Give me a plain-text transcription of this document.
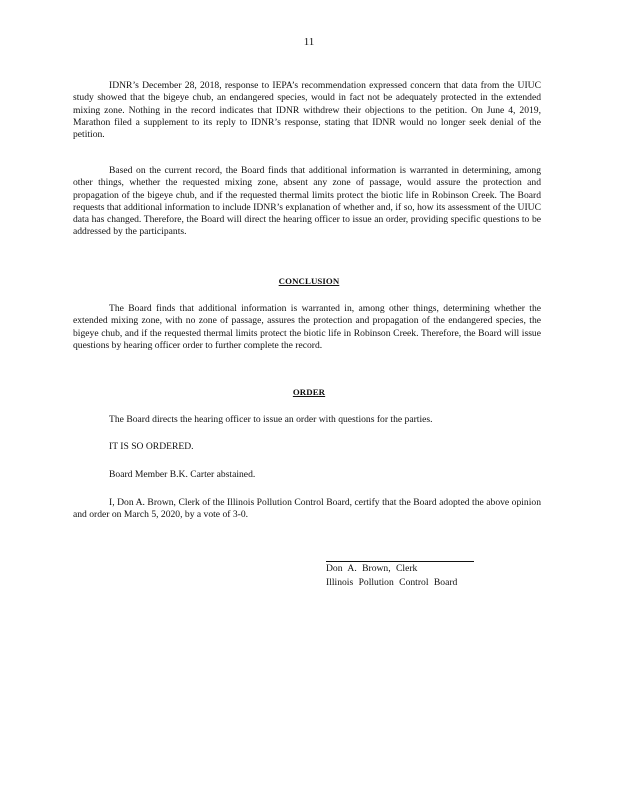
11

IDNR’s December 28, 2018, response to IEPA’s recommendation expressed concern that data from the UIUC study showed that the bigeye chub, an endangered species, would in fact not be adequately protected in the extended mixing zone. Nothing in the record indicates that IDNR withdrew their objections to the petition. On June 4, 2019, Marathon filed a supplement to its reply to IDNR’s response, stating that IDNR would no longer seek denial of the petition.

Based on the current record, the Board finds that additional information is warranted in determining, among other things, whether the requested mixing zone, absent any zone of passage, would assure the protection and propagation of the bigeye chub, and if the requested thermal limits protect the biotic life in Robinson Creek. The Board requests that additional information to include IDNR’s explanation of whether and, if so, how its assessment of the UIUC data has changed. Therefore, the Board will direct the hearing officer to issue an order, providing specific questions to be addressed by the participants.

CONCLUSION

The Board finds that additional information is warranted in, among other things, determining whether the extended mixing zone, with no zone of passage, assures the protection and propagation of the endangered species, the bigeye chub, and if the requested thermal limits protect the biotic life in Robinson Creek. Therefore, the Board will issue questions by hearing officer order to further complete the record.

ORDER
The Board directs the hearing officer to issue an order with questions for the parties.
IT IS SO ORDERED.
Board Member B.K. Carter abstained.

I, Don A. Brown, Clerk of the Illinois Pollution Control Board, certify that the Board adopted the above opinion and order on March 5, 2020, by a vote of 3-0.

Don A. Brown, Clerk
Illinois Pollution Control Board
